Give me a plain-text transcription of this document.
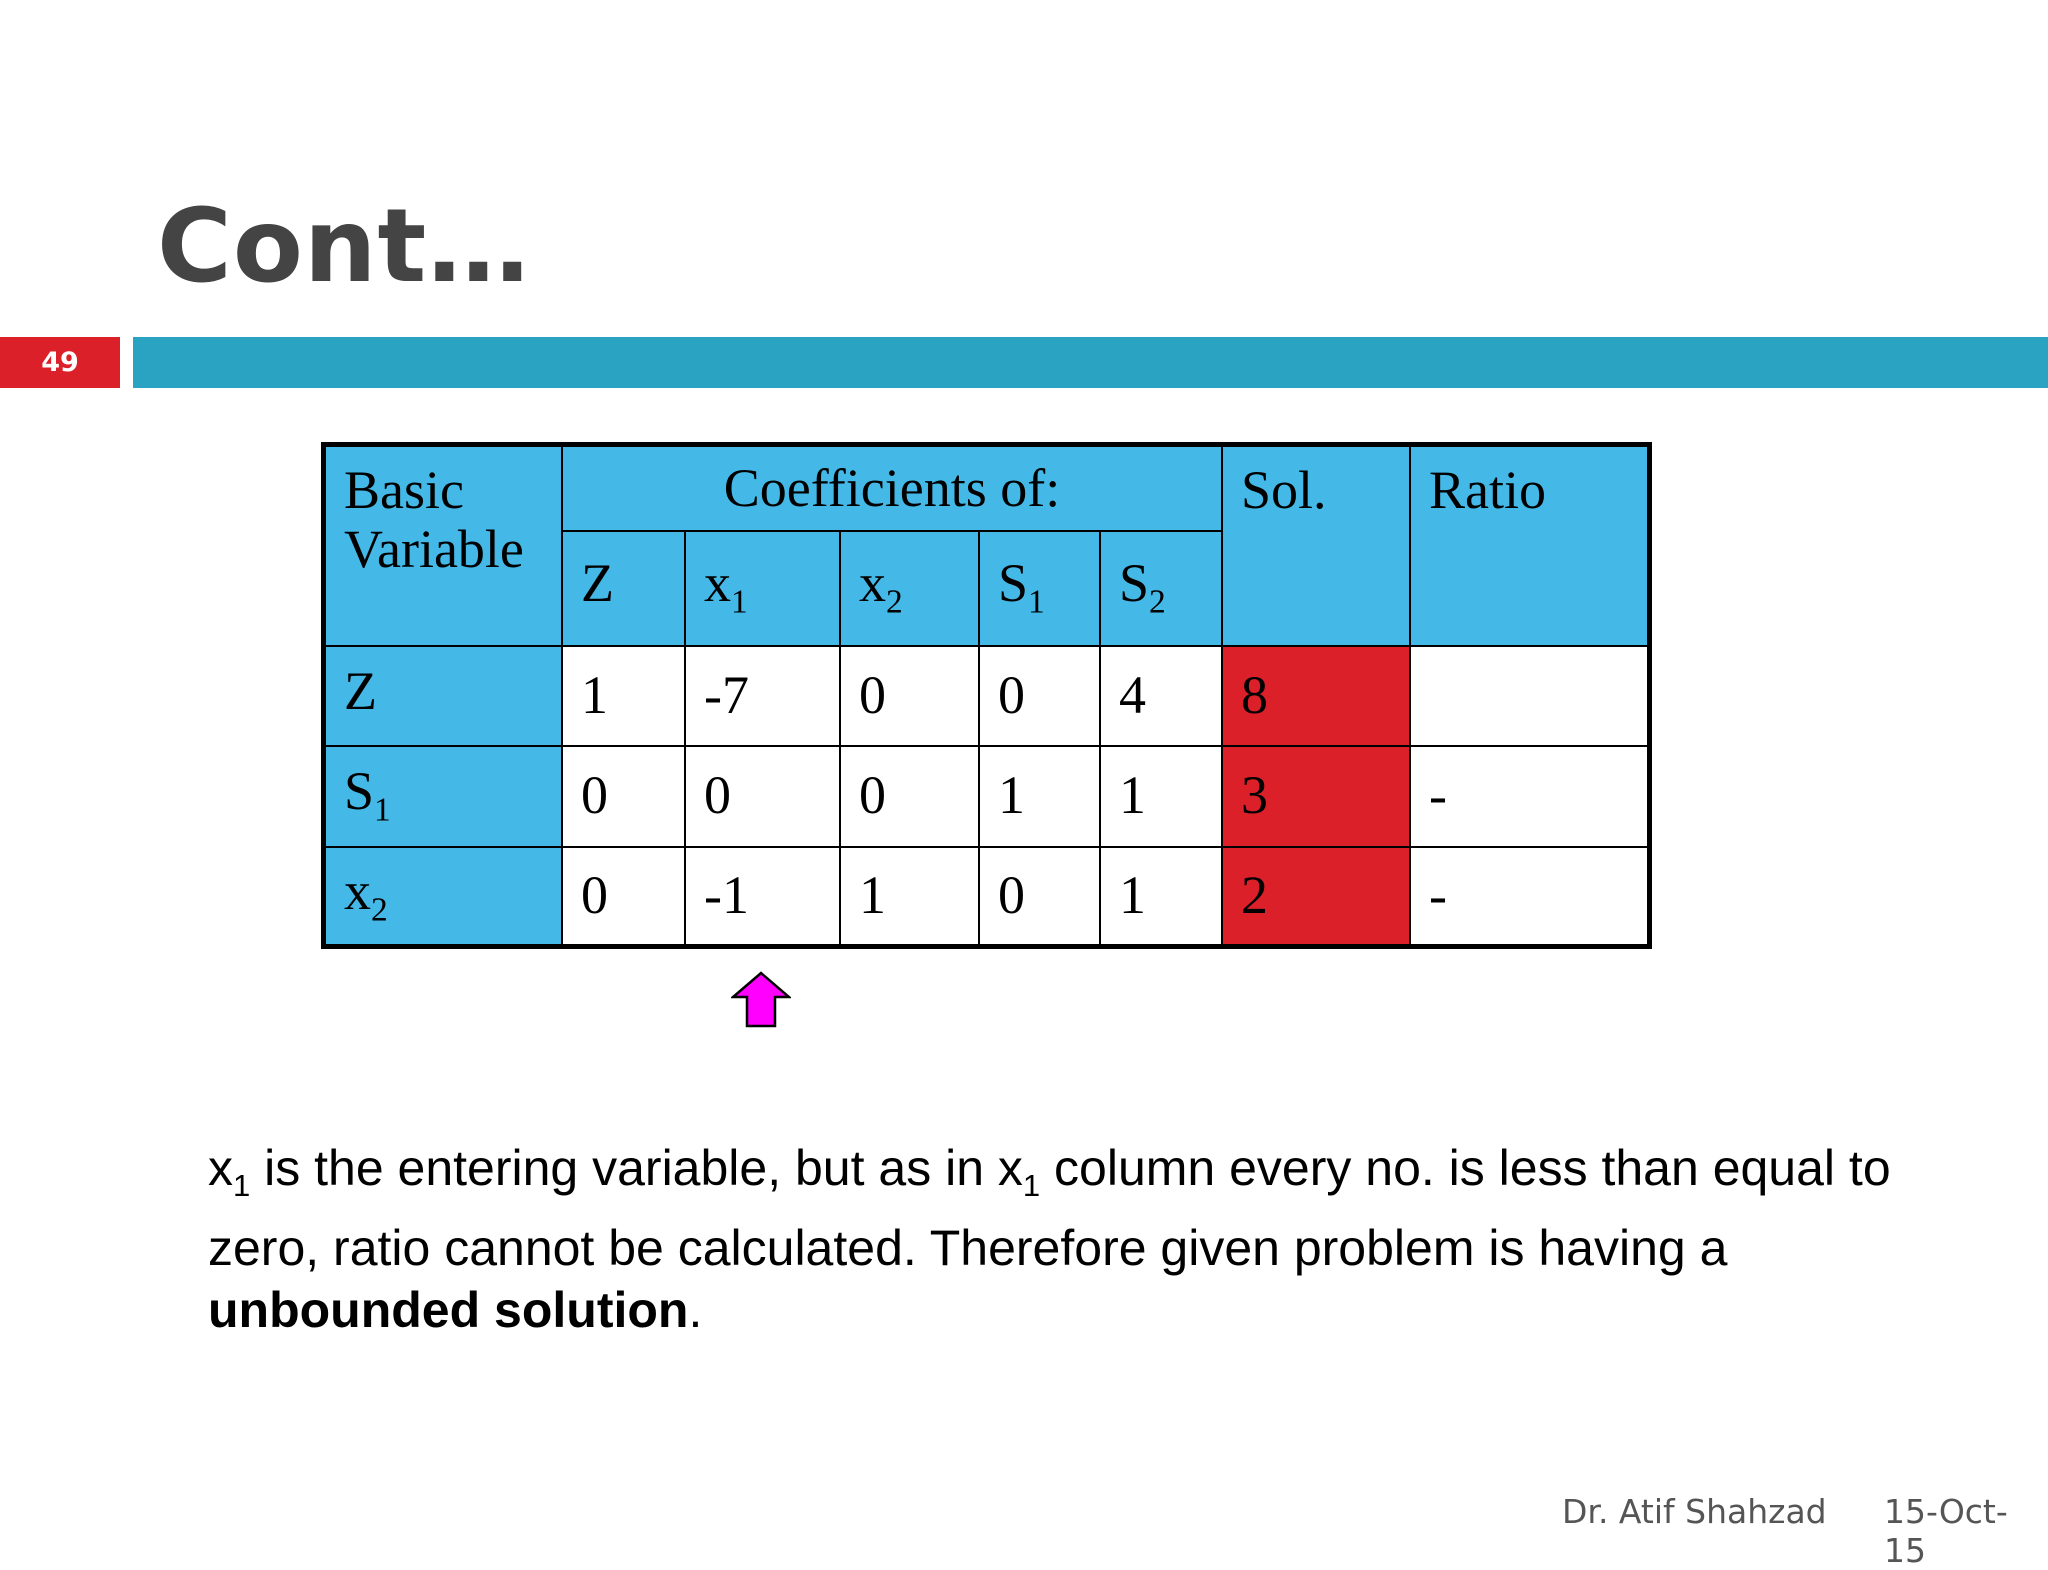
Cont…
49
Basic
Variable	Coefficients of:					Sol.	Ratio
	Z	$x_1$	$x_2$	$S_1$	$S_2$
Z	1	-7	0	0	4	8	
$S_1$	0	0	0	1	1	3	-
$x_2$	0	-1	1	0	1	2	-
$x_1$ is the entering variable, but as in $x_1$ column every no. is less than equal to zero, ratio cannot be calculated. Therefore given problem is having a unbounded solution.
Dr. Atif Shahzad 15-Oct-15
